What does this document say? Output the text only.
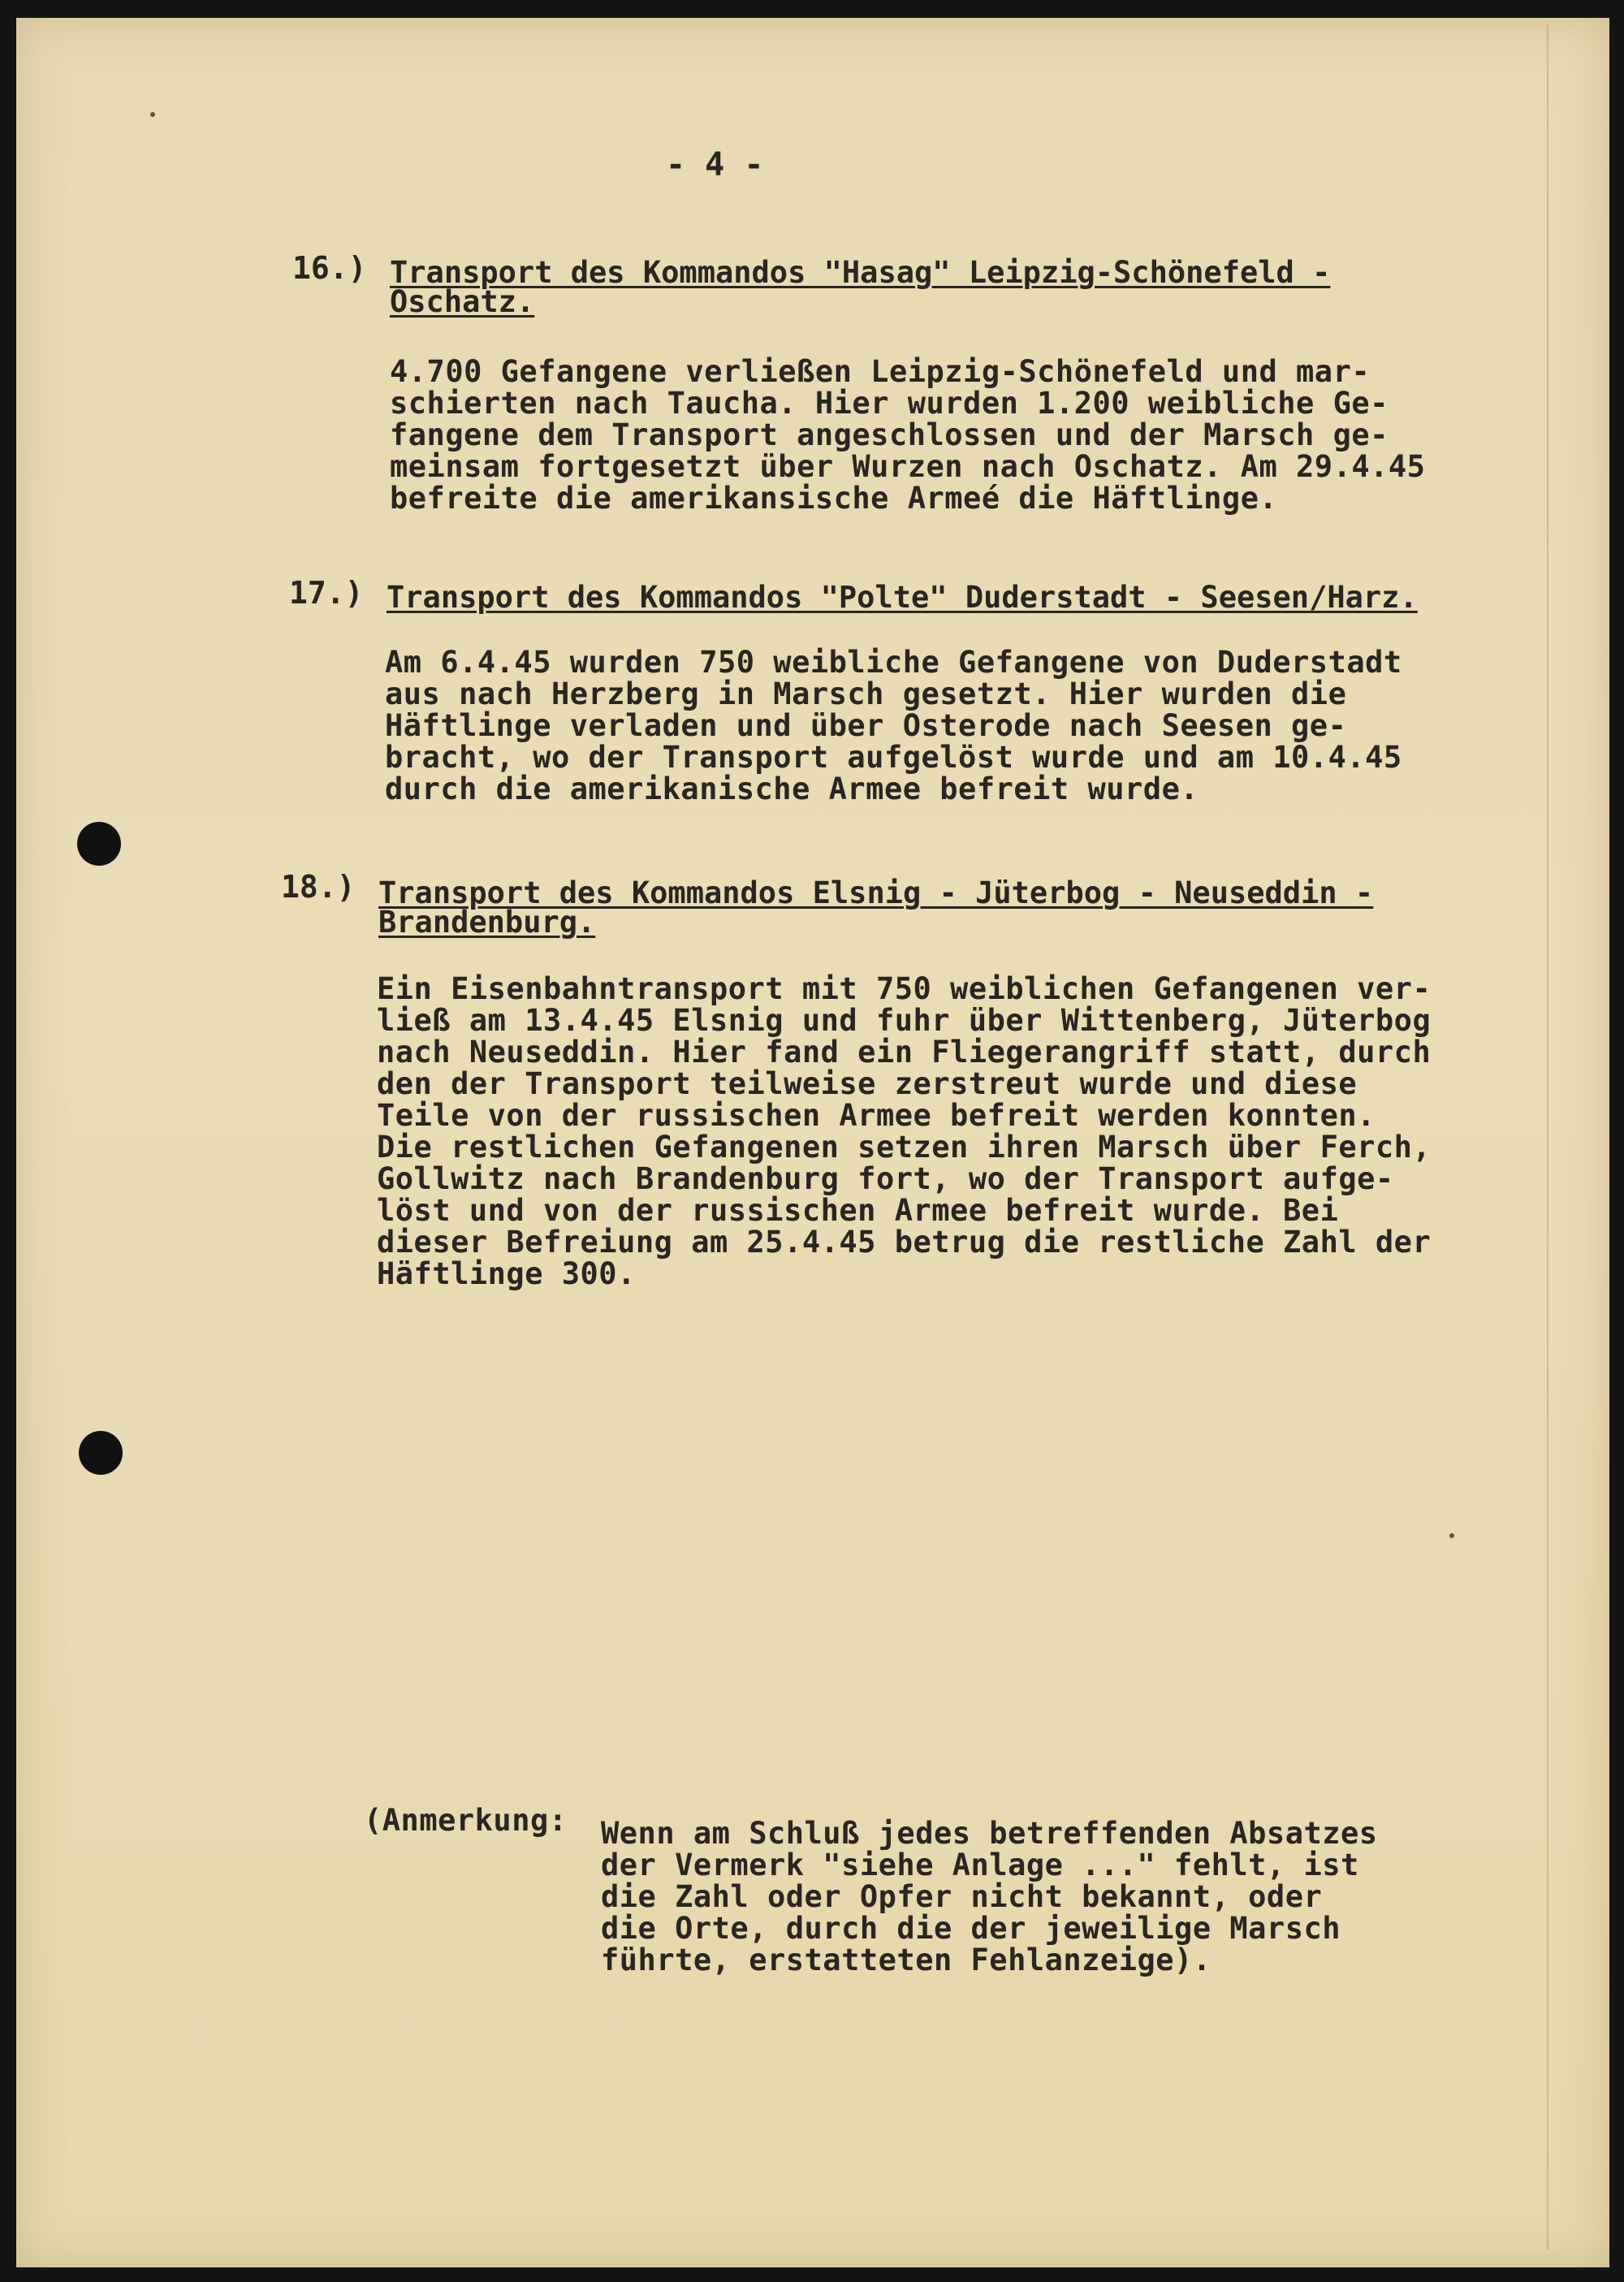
- 4 -
16.) Transport des Kommandos "Hasag" Leipzig-Schönefeld -
Oschatz.
4.700 Gefangene verließen Leipzig-Schönefeld und mar-
schierten nach Taucha. Hier wurden 1.200 weibliche Ge-
fangene dem Transport angeschlossen und der Marsch ge-
meinsam fortgesetzt über Wurzen nach Oschatz. Am 29.4.45
befreite die amerikansische Armeé die Häftlinge.
17.) Transport des Kommandos "Polte" Duderstadt - Seesen/Harz.
Am 6.4.45 wurden 750 weibliche Gefangene von Duderstadt
aus nach Herzberg in Marsch gesetzt. Hier wurden die
Häftlinge verladen und über Osterode nach Seesen ge-
bracht, wo der Transport aufgelöst wurde und am 10.4.45
durch die amerikanische Armee befreit wurde.
18.) Transport des Kommandos Elsnig - Jüterbog - Neuseddin -
Brandenburg.
Ein Eisenbahntransport mit 750 weiblichen Gefangenen ver-
ließ am 13.4.45 Elsnig und fuhr über Wittenberg, Jüterbog
nach Neuseddin. Hier fand ein Fliegerangriff statt, durch
den der Transport teilweise zerstreut wurde und diese
Teile von der russischen Armee befreit werden konnten.
Die restlichen Gefangenen setzen ihren Marsch über Ferch,
Gollwitz nach Brandenburg fort, wo der Transport aufge-
löst und von der russischen Armee befreit wurde. Bei
dieser Befreiung am 25.4.45 betrug die restliche Zahl der
Häftlinge 300.
(Anmerkung: Wenn am Schluß jedes betreffenden Absatzes
der Vermerk "siehe Anlage ..." fehlt, ist
die Zahl oder Opfer nicht bekannt, oder
die Orte, durch die der jeweilige Marsch
führte, erstatteten Fehlanzeige).
